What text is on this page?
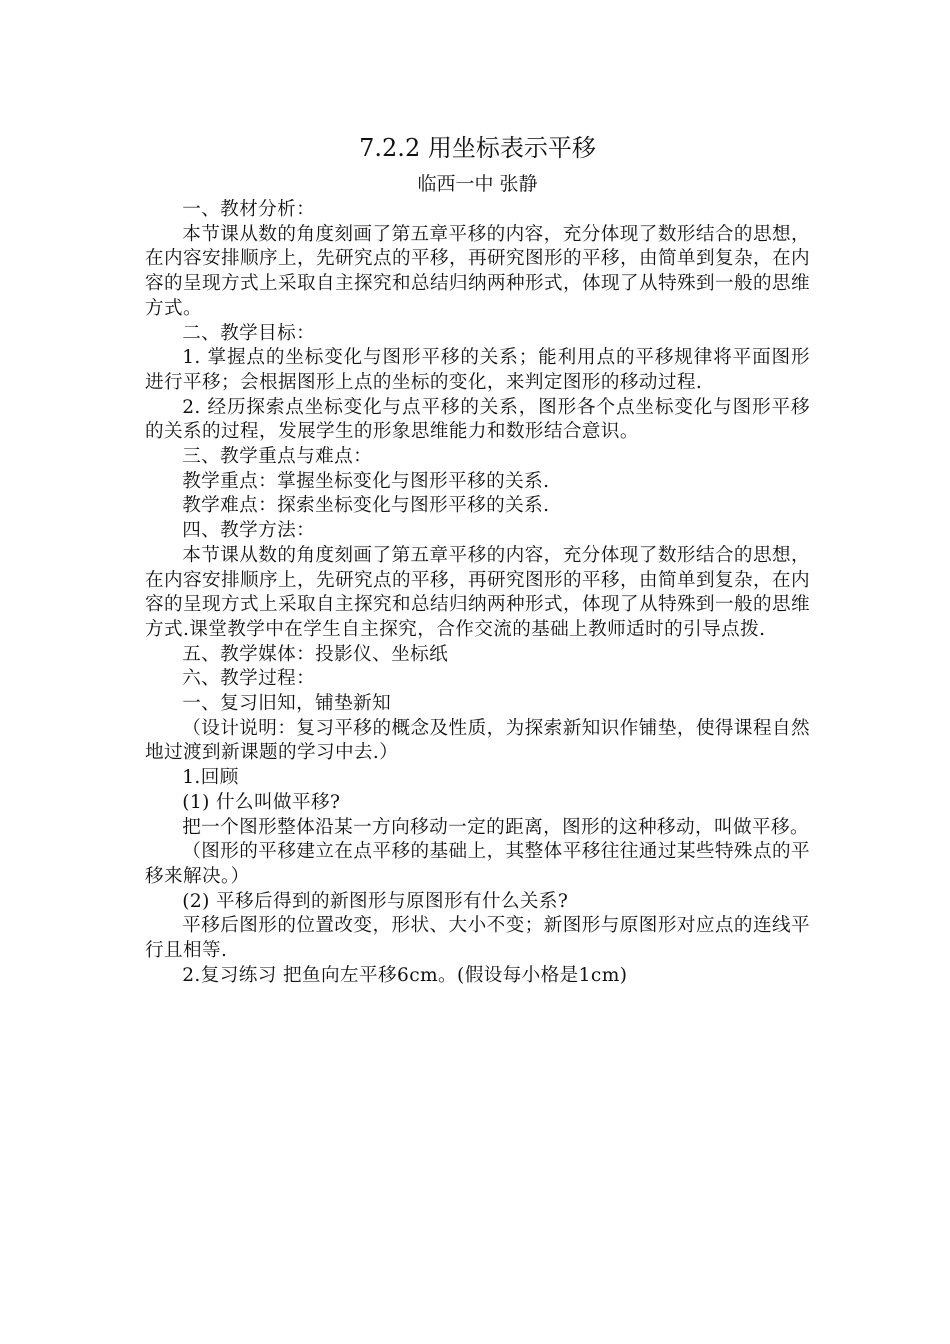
7.2.2 用坐标表示平移
临西一中 张静

一、教材分析：

本节课从数的角度刻画了第五章平移的内容，充分体现了数形结合的思想，在内容安排顺序上，先研究点的平移，再研究图形的平移，由简单到复杂，在内容的呈现方式上采取自主探究和总结归纳两种形式，体现了从特殊到一般的思维方式。

二、教学目标：

1. 掌握点的坐标变化与图形平移的关系；能利用点的平移规律将平面图形进行平移；会根据图形上点的坐标的变化，来判定图形的移动过程.

2. 经历探索点坐标变化与点平移的关系，图形各个点坐标变化与图形平移的关系的过程，发展学生的形象思维能力和数形结合意识。

三、教学重点与难点：

教学重点：掌握坐标变化与图形平移的关系.

教学难点：探索坐标变化与图形平移的关系.

四、教学方法：

本节课从数的角度刻画了第五章平移的内容，充分体现了数形结合的思想，在内容安排顺序上，先研究点的平移，再研究图形的平移，由简单到复杂，在内容的呈现方式上采取自主探究和总结归纳两种形式，体现了从特殊到一般的思维方式.课堂教学中在学生自主探究，合作交流的基础上教师适时的引导点拨.

五、教学媒体：投影仪、坐标纸

六、教学过程：

一、复习旧知，铺垫新知

（设计说明：复习平移的概念及性质，为探索新知识作铺垫，使得课程自然地过渡到新课题的学习中去.）

1.回顾

(1) 什么叫做平移?

把一个图形整体沿某一方向移动一定的距离，图形的这种移动，叫做平移。

（图形的平移建立在点平移的基础上，其整体平移往往通过某些特殊点的平移来解决。）

(2) 平移后得到的新图形与原图形有什么关系?

平移后图形的位置改变，形状、大小不变；新图形与原图形对应点的连线平行且相等.

2.复习练习 把鱼向左平移6cm。(假设每小格是1cm)
